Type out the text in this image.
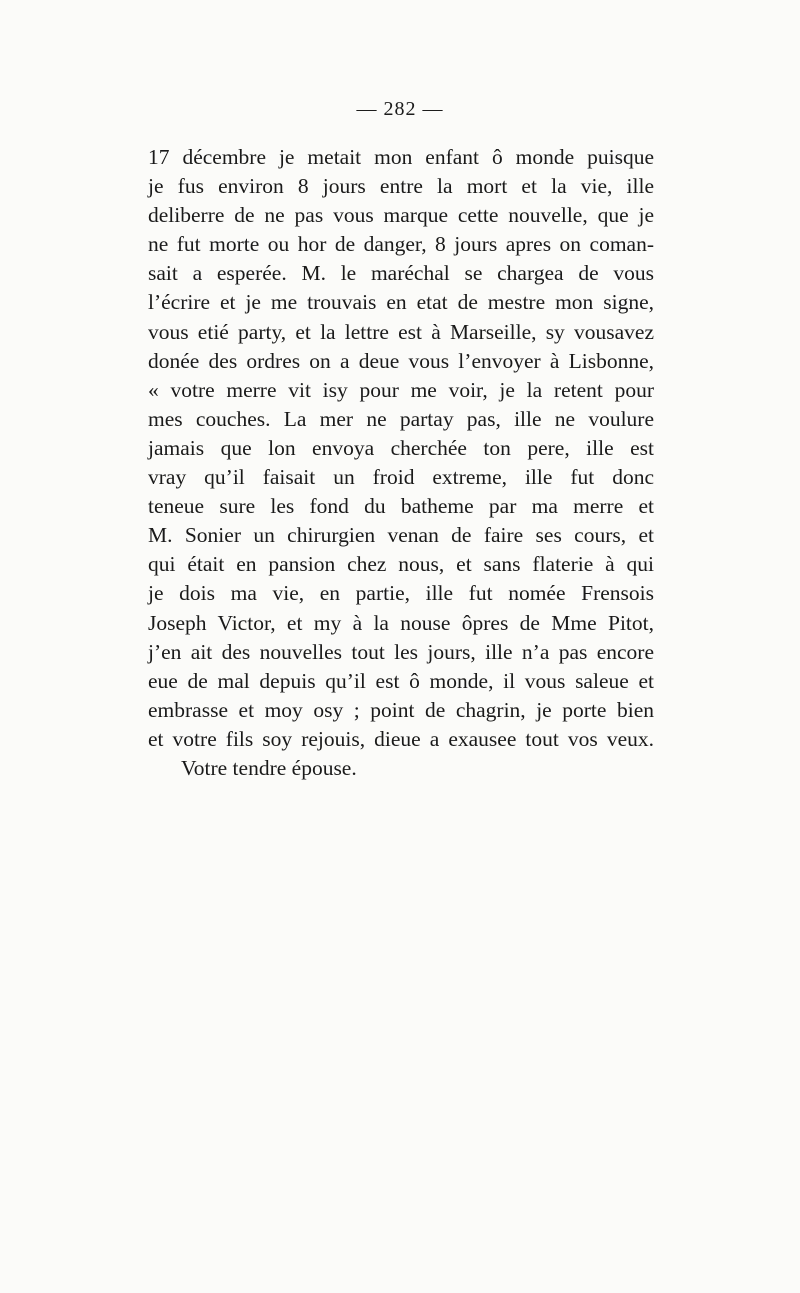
— 282 —
17 décembre je metait mon enfant ô monde puisque
je fus environ 8 jours entre la mort et la vie, ille
deliberre de ne pas vous marque cette nouvelle, que je
ne fut morte ou hor de danger, 8 jours apres on coman-
sait a esperée. M. le maréchal se chargea de vous
l’écrire et je me trouvais en etat de mestre mon signe,
vous etié party, et la lettre est à Marseille, sy vousavez
donée des ordres on a deue vous l’envoyer à Lisbonne,
« votre merre vit isy pour me voir, je la retent pour
mes couches. La mer ne partay pas, ille ne voulure
jamais que lon envoya cherchée ton pere, ille est
vray qu’il faisait un froid extreme, ille fut donc
teneue sure les fond du batheme par ma merre et
M. Sonier un chirurgien venan de faire ses cours, et
qui était en pansion chez nous, et sans flaterie à qui
je dois ma vie, en partie, ille fut nomée Frensois
Joseph Victor, et my à la nouse ôpres de Mme Pitot,
j’en ait des nouvelles tout les jours, ille n’a pas encore
eue de mal depuis qu’il est ô monde, il vous saleue et
embrasse et moy osy ; point de chagrin, je porte bien
et votre fils soy rejouis, dieue a exausee tout vos veux.
Votre tendre épouse.
